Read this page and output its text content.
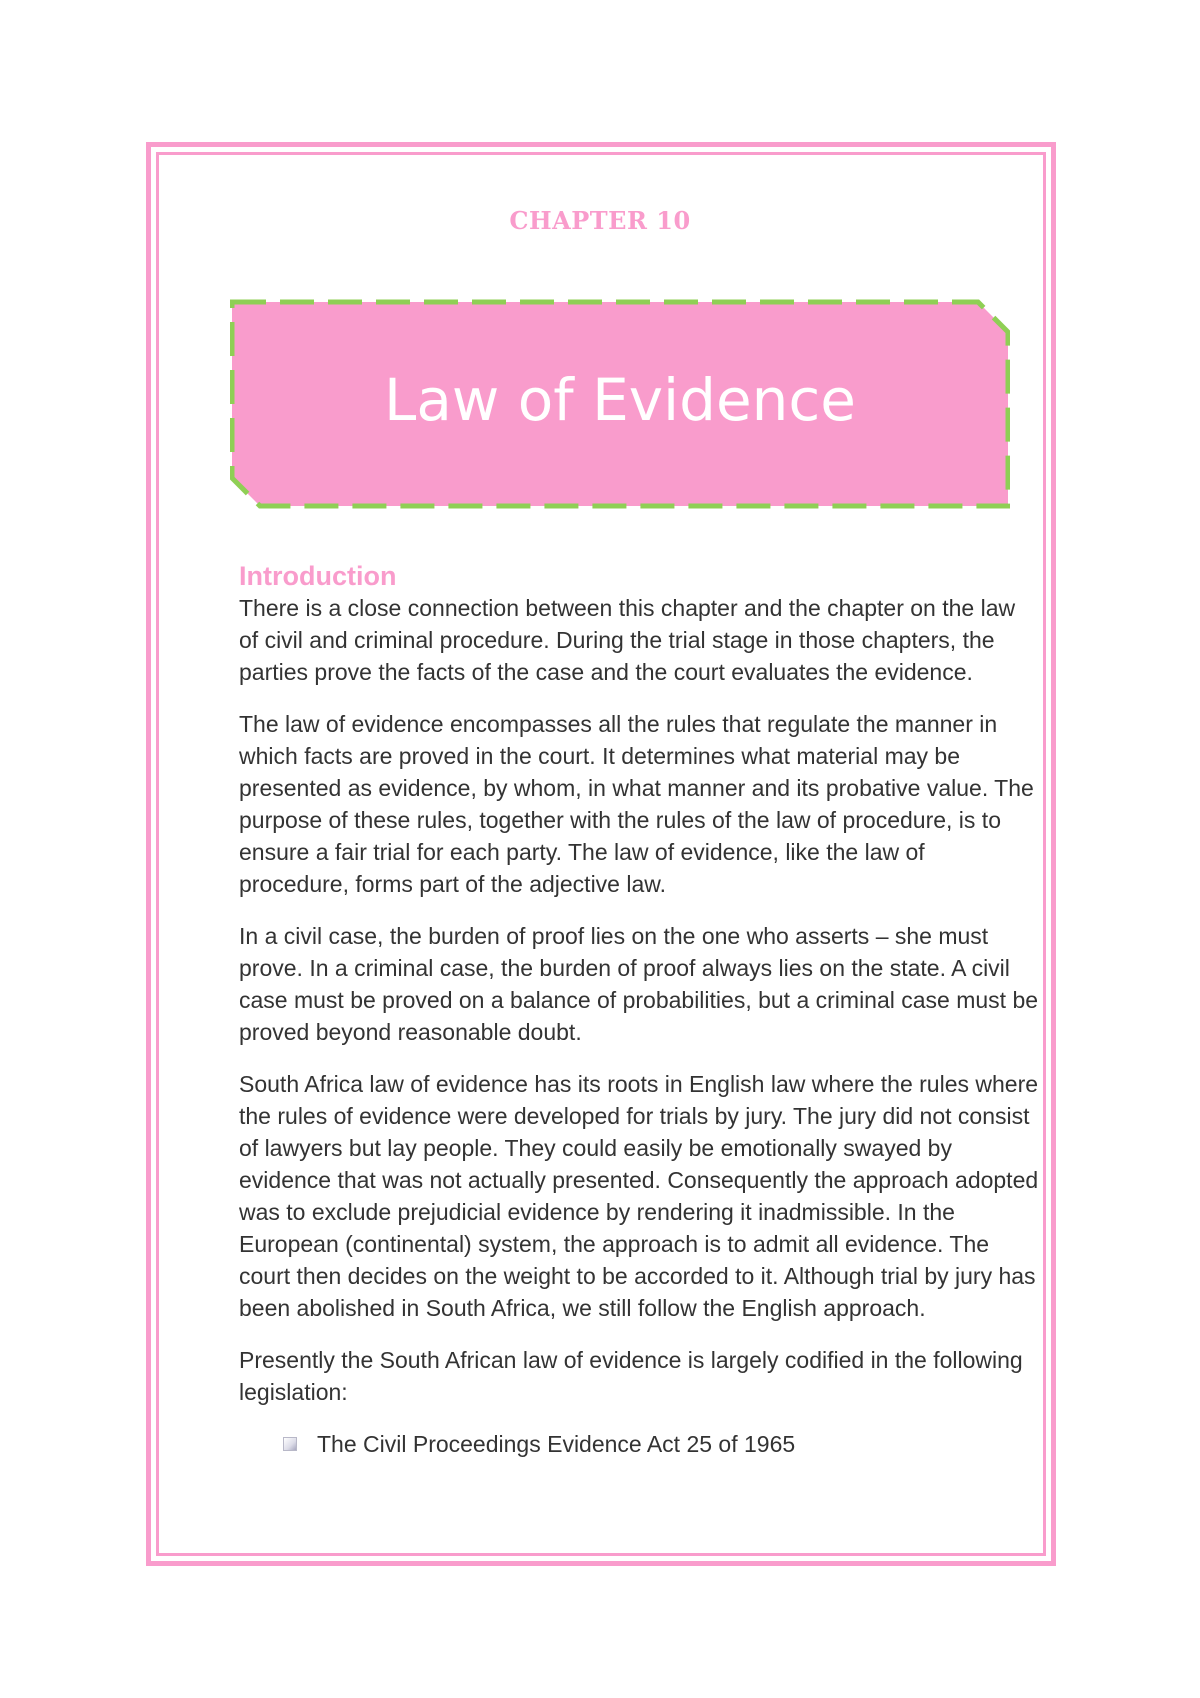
CHAPTER 10
Law of Evidence
Introduction

There is a close connection between this chapter and the chapter on the law of civil and criminal procedure. During the trial stage in those chapters, the parties prove the facts of the case and the court evaluates the evidence.

The law of evidence encompasses all the rules that regulate the manner in which facts are proved in the court. It determines what material may be presented as evidence, by whom, in what manner and its probative value. The purpose of these rules, together with the rules of the law of procedure, is to ensure a fair trial for each party. The law of evidence, like the law of procedure, forms part of the adjective law.

In a civil case, the burden of proof lies on the one who asserts – she must prove. In a criminal case, the burden of proof always lies on the state. A civil case must be proved on a balance of probabilities, but a criminal case must be proved beyond reasonable doubt.

South Africa law of evidence has its roots in English law where the rules where the rules of evidence were developed for trials by jury. The jury did not consist of lawyers but lay people. They could easily be emotionally swayed by evidence that was not actually presented. Consequently the approach adopted was to exclude prejudicial evidence by rendering it inadmissible. In the European (continental) system, the approach is to admit all evidence. The court then decides on the weight to be accorded to it. Although trial by jury has been abolished in South Africa, we still follow the English approach.

Presently the South African law of evidence is largely codified in the following legislation:

The Civil Proceedings Evidence Act 25 of 1965
